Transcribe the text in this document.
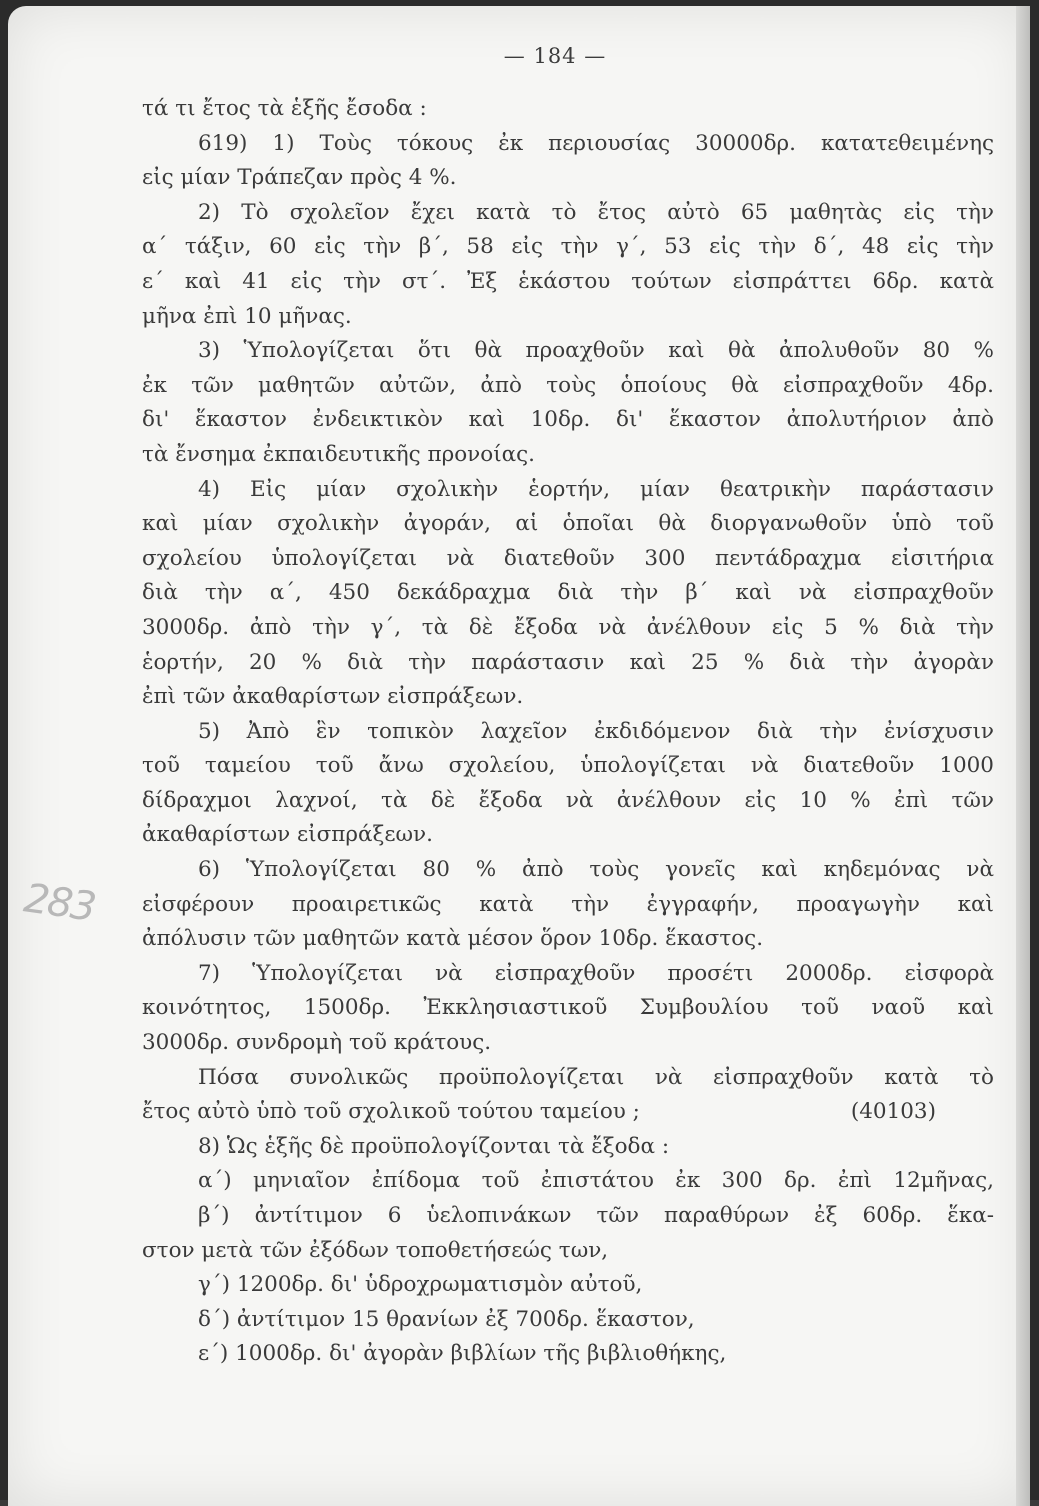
— 184 —
283
τά τι ἔτος τὰ ἑξῆς ἔσοδα :
619) 1) Τοὺς τόκους ἐκ περιουσίας 30000δρ. κατατεθειμένης
εἰς μίαν Τράπεζαν πρὸς 4 %.
2) Τὸ σχολεῖον ἔχει κατὰ τὸ ἔτος αὐτὸ 65 μαθητὰς εἰς τὴν
α΄ τάξιν, 60 εἰς τὴν β΄, 58 εἰς τὴν γ΄, 53 εἰς τὴν δ΄, 48 εἰς τὴν
ε΄ καὶ 41 εἰς τὴν στ΄. Ἐξ ἑκάστου τούτων εἰσπράττει 6δρ. κατὰ
μῆνα ἐπὶ 10 μῆνας.
3) Ὑπολογίζεται ὅτι θὰ προαχθοῦν καὶ θὰ ἀπολυθοῦν 80 %
ἐκ τῶν μαθητῶν αὐτῶν, ἀπὸ τοὺς ὁποίους θὰ εἰσπραχθοῦν 4δρ.
δι' ἕκαστον ἐνδεικτικὸν καὶ 10δρ. δι' ἕκαστον ἀπολυτήριον ἀπὸ
τὰ ἔνσημα ἐκπαιδευτικῆς προνοίας.
4) Εἰς μίαν σχολικὴν ἑορτήν, μίαν θεατρικὴν παράστασιν
καὶ μίαν σχολικὴν ἀγοράν, αἱ ὁποῖαι θὰ διοργανωθοῦν ὑπὸ τοῦ
σχολείου ὑπολογίζεται νὰ διατεθοῦν 300 πεντάδραχμα εἰσιτήρια
διὰ τὴν α΄, 450 δεκάδραχμα διὰ τὴν β΄ καὶ νὰ εἰσπραχθοῦν
3000δρ. ἀπὸ τὴν γ΄, τὰ δὲ ἔξοδα νὰ ἀνέλθουν εἰς 5 % διὰ τὴν
ἑορτήν, 20 % διὰ τὴν παράστασιν καὶ 25 % διὰ τὴν ἀγορὰν
ἐπὶ τῶν ἀκαθαρίστων εἰσπράξεων.
5) Ἀπὸ ἓν τοπικὸν λαχεῖον ἐκδιδόμενον διὰ τὴν ἐνίσχυσιν
τοῦ ταμείου τοῦ ἄνω σχολείου, ὑπολογίζεται νὰ διατεθοῦν 1000
δίδραχμοι λαχνοί, τὰ δὲ ἔξοδα νὰ ἀνέλθουν εἰς 10 % ἐπὶ τῶν
ἀκαθαρίστων εἰσπράξεων.
6) Ὑπολογίζεται 80 % ἀπὸ τοὺς γονεῖς καὶ κηδεμόνας νὰ
εἰσφέρουν προαιρετικῶς κατὰ τὴν ἐγγραφήν, προαγωγὴν καὶ
ἀπόλυσιν τῶν μαθητῶν κατὰ μέσον ὅρον 10δρ. ἕκαστος.
7) Ὑπολογίζεται νὰ εἰσπραχθοῦν προσέτι 2000δρ. εἰσφορὰ
κοινότητος, 1500δρ. Ἐκκλησιαστικοῦ Συμβουλίου τοῦ ναοῦ καὶ
3000δρ. συνδρομὴ τοῦ κράτους.
Πόσα συνολικῶς προϋπολογίζεται νὰ εἰσπραχθοῦν κατὰ τὸ
ἔτος αὐτὸ ὑπὸ τοῦ σχολικοῦ τούτου ταμείου ;	(40103)
8) Ὡς ἑξῆς δὲ προϋπολογίζονται τὰ ἔξοδα :
α΄) μηνιαῖον ἐπίδομα τοῦ ἐπιστάτου ἐκ 300 δρ. ἐπὶ 12μῆνας,
β΄) ἀντίτιμον 6 ὑελοπινάκων τῶν παραθύρων ἐξ 60δρ. ἕκα-
στον μετὰ τῶν ἐξόδων τοποθετήσεώς των,
γ΄) 1200δρ. δι' ὑδροχρωματισμὸν αὐτοῦ,
δ΄) ἀντίτιμον 15 θρανίων ἐξ 700δρ. ἕκαστον,
ε΄) 1000δρ. δι' ἀγορὰν βιβλίων τῆς βιβλιοθήκης,
